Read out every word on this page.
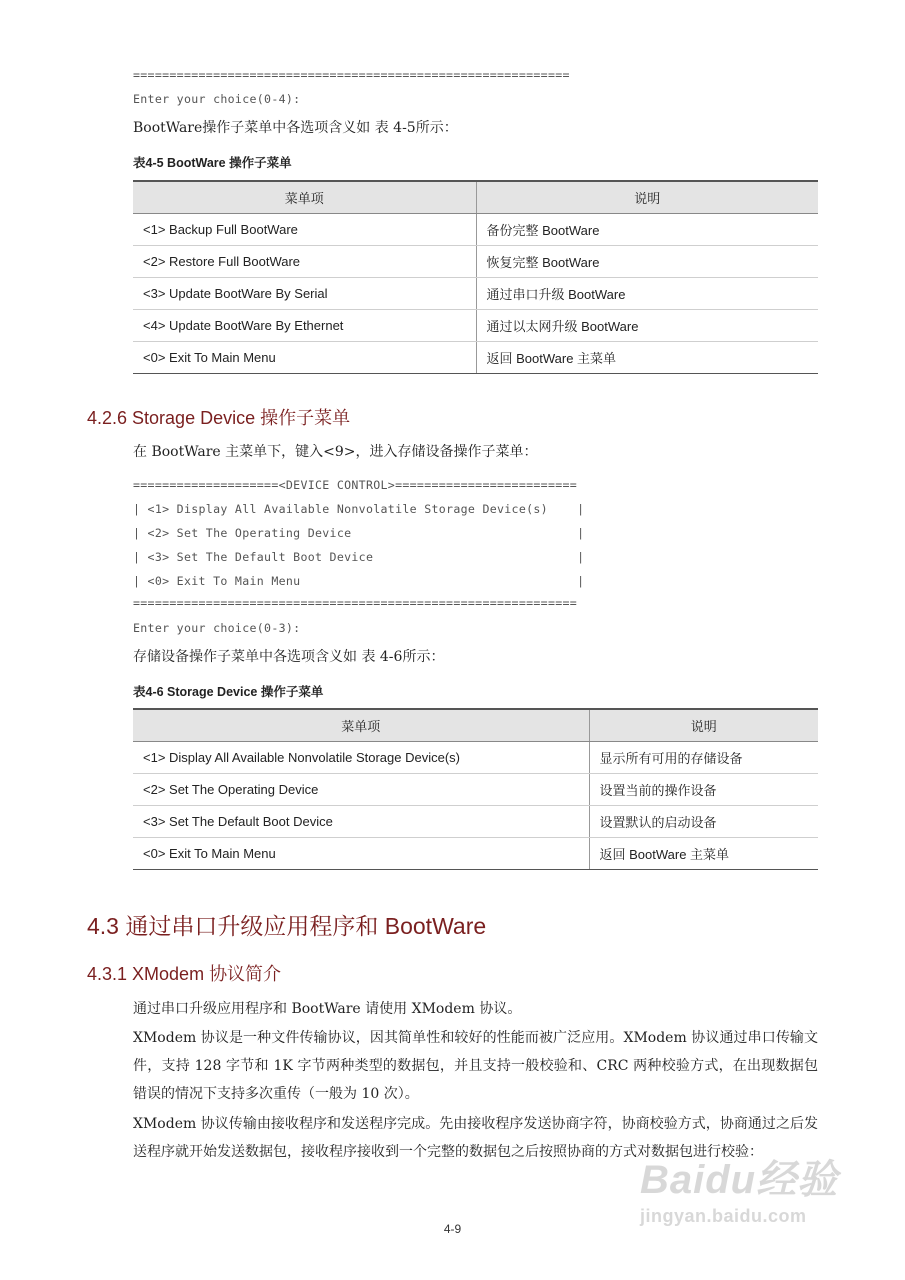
============================================================
Enter your choice(0-4):
BootWare操作子菜单中各选项含义如 表 4-5所示：
表4-5 BootWare 操作子菜单
菜单项	说明
<1> Backup Full BootWare	备份完整 BootWare
<2> Restore Full BootWare	恢复完整 BootWare
<3> Update BootWare By Serial	通过串口升级 BootWare
<4> Update BootWare By Ethernet	通过以太网升级 BootWare
<0> Exit To Main Menu	返回 BootWare 主菜单
4.2.6 Storage Device 操作子菜单
在 BootWare 主菜单下，键入<9>，进入存储设备操作子菜单：
====================<DEVICE CONTROL>=========================
| <1> Display All Available Nonvolatile Storage Device(s)    |
| <2> Set The Operating Device                               |
| <3> Set The Default Boot Device                            |
| <0> Exit To Main Menu                                      |
=============================================================
Enter your choice(0-3):
存储设备操作子菜单中各选项含义如 表 4-6所示：
表4-6 Storage Device 操作子菜单
菜单项	说明
<1> Display All Available Nonvolatile Storage Device(s)	显示所有可用的存储设备
<2> Set The Operating Device	设置当前的操作设备
<3> Set The Default Boot Device	设置默认的启动设备
<0> Exit To Main Menu	返回 BootWare 主菜单
4.3 通过串口升级应用程序和 BootWare
4.3.1 XModem 协议简介
通过串口升级应用程序和 BootWare 请使用 XModem 协议。
XModem 协议是一种文件传输协议，因其简单性和较好的性能而被广泛应用。XModem 协议通过串口传输文件，支持 128 字节和 1K 字节两种类型的数据包，并且支持一般校验和、CRC 两种校验方式，在出现数据包错误的情况下支持多次重传（一般为 10 次）。
XModem 协议传输由接收程序和发送程序完成。先由接收程序发送协商字符，协商校验方式，协商通过之后发送程序就开始发送数据包，接收程序接收到一个完整的数据包之后按照协商的方式对数据包进行校验：
Baidu经验
jingyan.baidu.com
4-9
